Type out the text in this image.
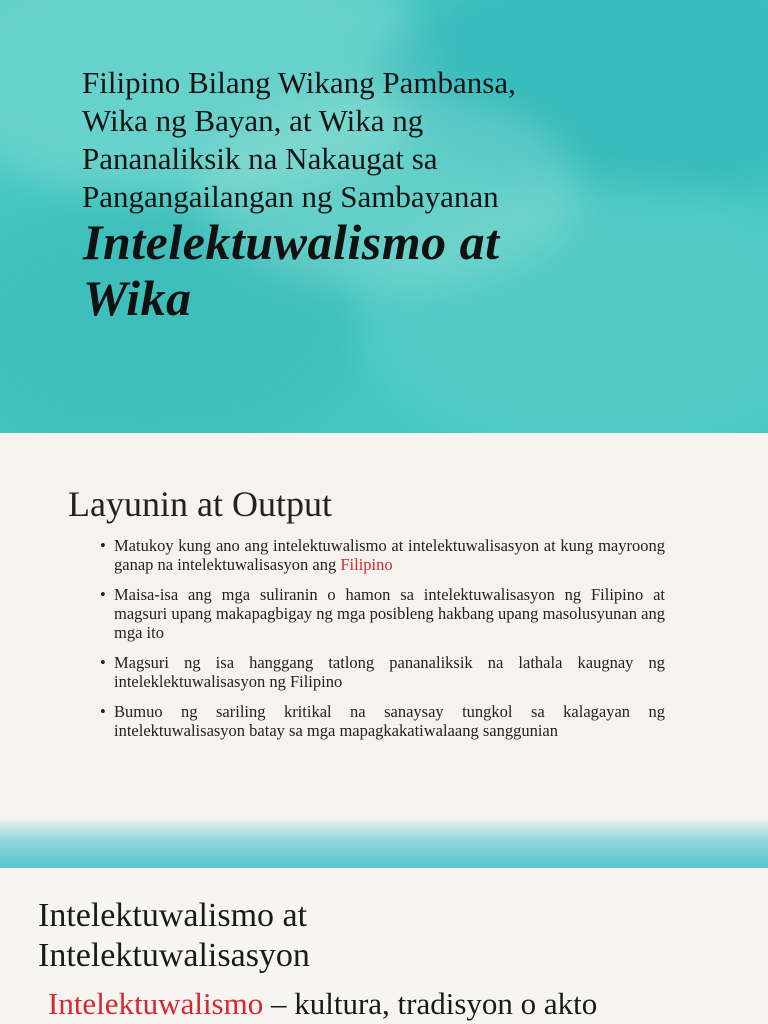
Filipino Bilang Wikang Pambansa,
Wika ng Bayan, at Wika ng
Pananaliksik na Nakaugat sa
Pangangailangan ng Sambayanan
Intelektuwalismo at
Wika
Layunin at Output
• Matukoy kung ano ang intelektuwalismo at intelektuwalisasyon at kung mayroong ganap na intelektuwalisasyon ang Filipino
• Maisa-isa ang mga suliranin o hamon sa intelektuwalisasyon ng Filipino at magsuri upang makapagbigay ng mga posibleng hakbang upang masolusyunan ang mga ito
• Magsuri ng isa hanggang tatlong pananaliksik na lathala kaugnay ng inteleklektuwalisasyon ng Filipino
• Bumuo ng sariling kritikal na sanaysay tungkol sa kalagayan ng intelektuwalisasyon batay sa mga mapagkakatiwalaang sanggunian
Intelektuwalismo at
Intelektuwalisasyon
Intelektuwalismo – kultura, tradisyon o akto
